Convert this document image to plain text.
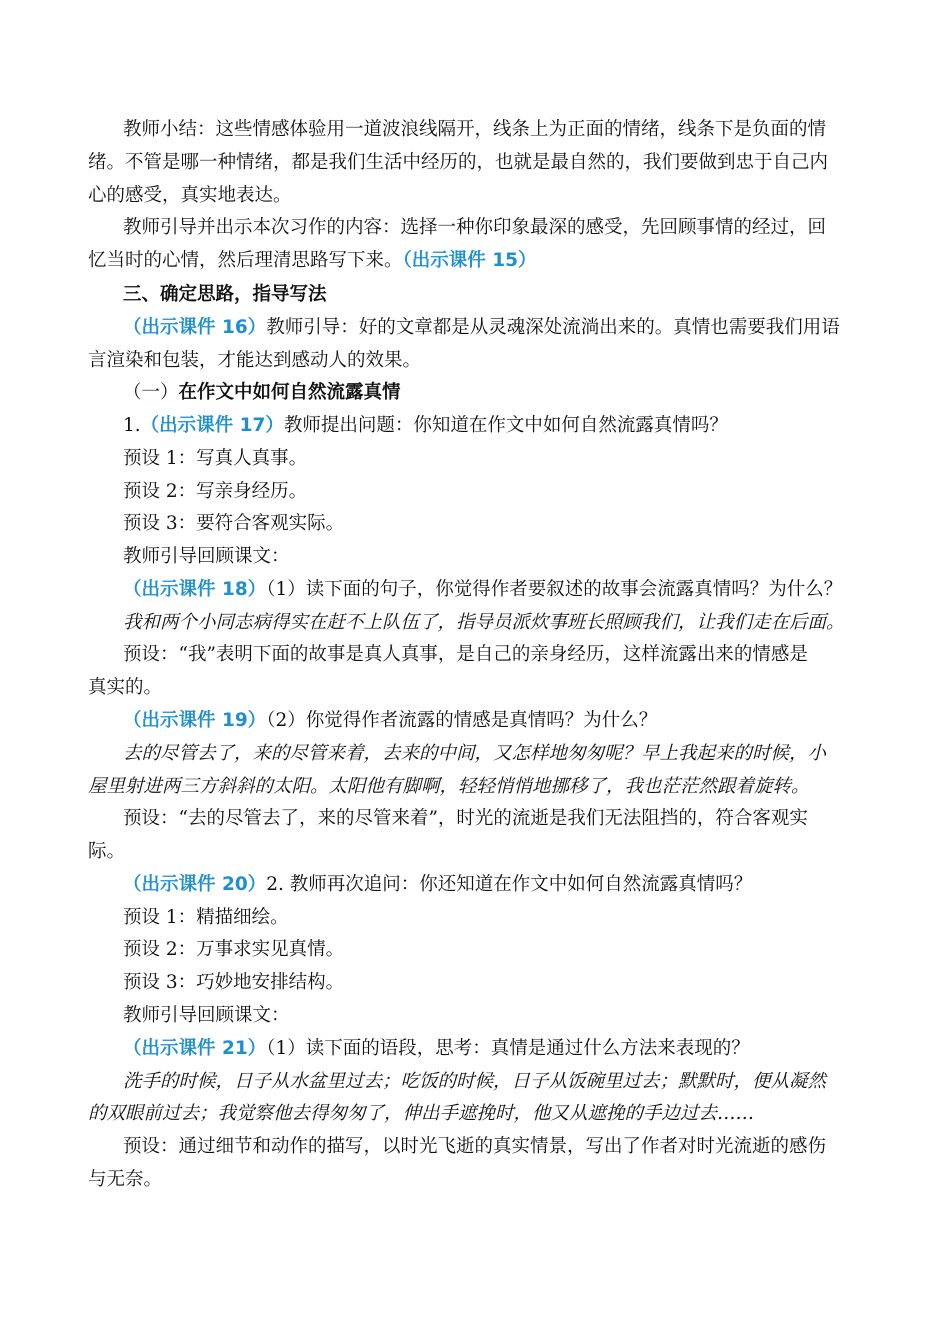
教师小结：这些情感体验用一道波浪线隔开，线条上为正面的情绪，线条下是负面的情
绪。不管是哪一种情绪，都是我们生活中经历的，也就是最自然的，我们要做到忠于自己内
心的感受，真实地表达。
教师引导并出示本次习作的内容：选择一种你印象最深的感受，先回顾事情的经过，回
忆当时的心情，然后理清思路写下来。（出示课件 15）
三、确定思路，指导写法
（出示课件 16）教师引导：好的文章都是从灵魂深处流淌出来的。真情也需要我们用语
言渲染和包装，才能达到感动人的效果。
（一）在作文中如何自然流露真情
1.（出示课件 17）教师提出问题：你知道在作文中如何自然流露真情吗？
预设 1：写真人真事。
预设 2：写亲身经历。
预设 3：要符合客观实际。
教师引导回顾课文：
（出示课件 18）（1）读下面的句子，你觉得作者要叙述的故事会流露真情吗？为什么？
我和两个小同志病得实在赶不上队伍了，指导员派炊事班长照顾我们，让我们走在后面。
预设：“我”表明下面的故事是真人真事，是自己的亲身经历，这样流露出来的情感是
真实的。
（出示课件 19）（2）你觉得作者流露的情感是真情吗？为什么？
去的尽管去了，来的尽管来着，去来的中间，又怎样地匆匆呢？早上我起来的时候，小
屋里射进两三方斜斜的太阳。太阳他有脚啊，轻轻悄悄地挪移了，我也茫茫然跟着旋转。
预设：“去的尽管去了，来的尽管来着”，时光的流逝是我们无法阻挡的，符合客观实
际。
（出示课件 20）2. 教师再次追问：你还知道在作文中如何自然流露真情吗？
预设 1：精描细绘。
预设 2：万事求实见真情。
预设 3：巧妙地安排结构。
教师引导回顾课文：
（出示课件 21）（1）读下面的语段，思考：真情是通过什么方法来表现的？
洗手的时候，日子从水盆里过去；吃饭的时候，日子从饭碗里过去；默默时，便从凝然
的双眼前过去；我觉察他去得匆匆了，伸出手遮挽时，他又从遮挽的手边过去……
预设：通过细节和动作的描写，以时光飞逝的真实情景，写出了作者对时光流逝的感伤
与无奈。
